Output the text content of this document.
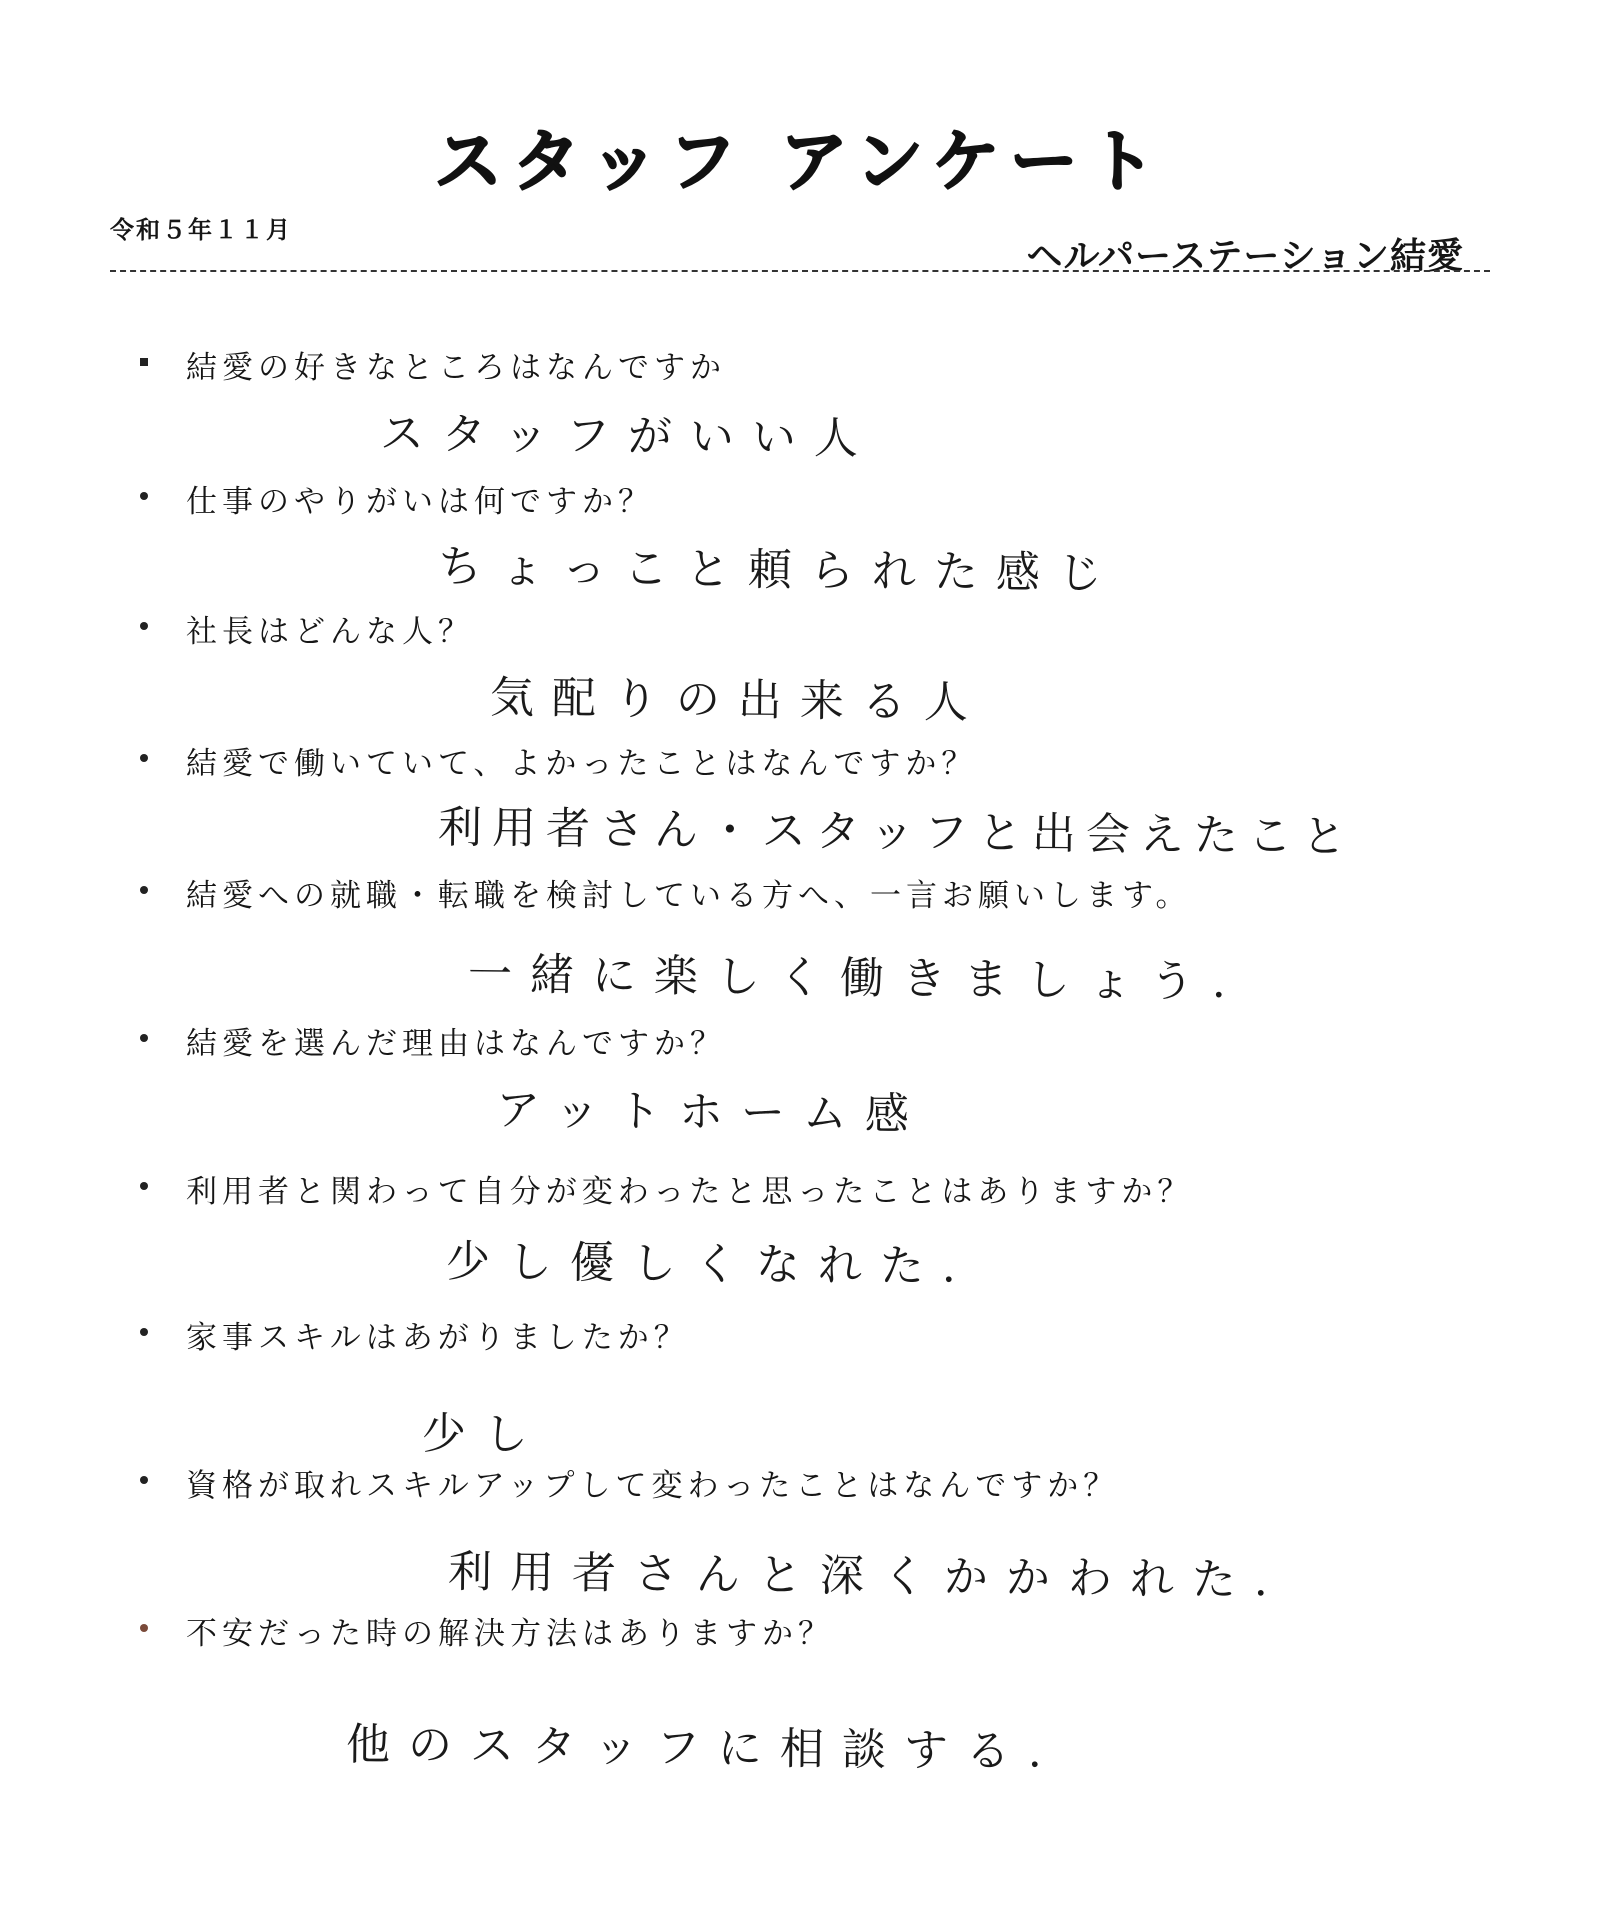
スタッフ アンケート
令和５年１１月
ヘルパーステーション結愛
結愛の好きなところはなんですか
スタッフがいい人
仕事のやりがいは何ですか？
ちょっこと頼られた感じ
社長はどんな人？
気配りの出来る人
結愛で働いていて、よかったことはなんですか？
利用者さん・スタッフと出会えたこと
結愛への就職・転職を検討している方へ、一言お願いします。
一緒に楽しく働きましょう.
結愛を選んだ理由はなんですか？
アットホーム感
利用者と関わって自分が変わったと思ったことはありますか？
少し優しくなれた.
家事スキルはあがりましたか？
少し
資格が取れスキルアップして変わったことはなんですか？
利用者さんと深くかかわれた.
不安だった時の解決方法はありますか？
他のスタッフに相談する.
